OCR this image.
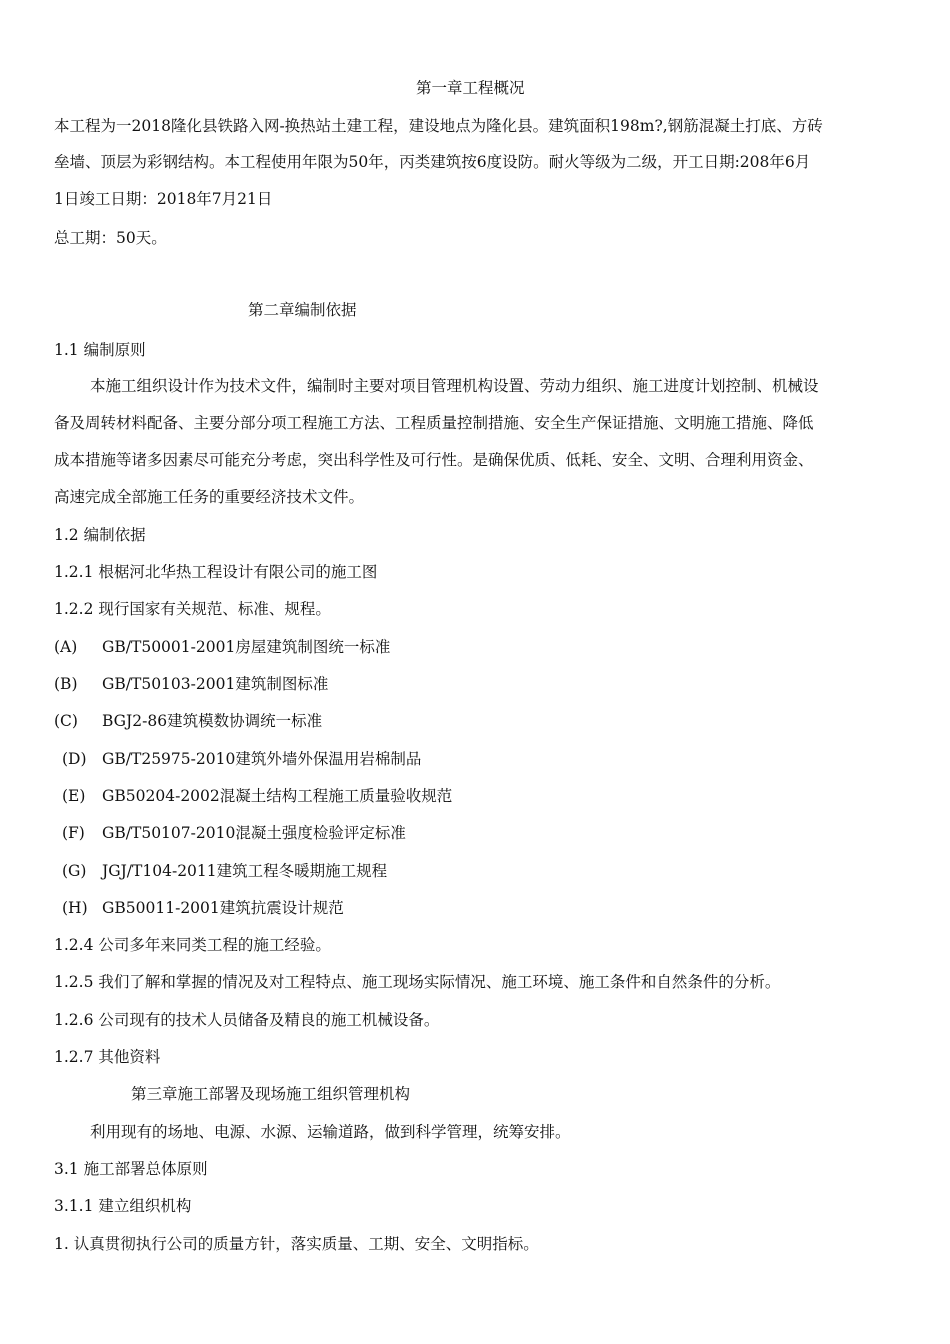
第一章工程概况
本工程为一2018隆化县铁路入网-换热站土建工程，建设地点为隆化县。建筑面积198m?,钢筋混凝土打底、方砖
垒墙、顶层为彩钢结构。本工程使用年限为50年，丙类建筑按6度设防。耐火等级为二级，开工日期:208年6月
1日竣工日期：2018年7月21日
总工期：50天。
第二章编制依据
1.1 编制原则
本施工组织设计作为技术文件，编制时主要对项目管理机构设置、劳动力组织、施工进度计划控制、机械设
备及周转材料配备、主要分部分项工程施工方法、工程质量控制措施、安全生产保证措施、文明施工措施、降低
成本措施等诸多因素尽可能充分考虑，突出科学性及可行性。是确保优质、低耗、安全、文明、合理利用资金、
高速完成全部施工任务的重要经济技术文件。
1.2 编制依据
1.2.1 根椐河北华热工程设计有限公司的施工图
1.2.2 现行国家有关规范、标准、规程。
(A) GB/T50001-2001房屋建筑制图统一标准
(B) GB/T50103-2001建筑制图标准
(C) BGJ2-86建筑模数协调统一标准
(D) GB/T25975-2010建筑外墙外保温用岩棉制品
(E) GB50204-2002混凝土结构工程施工质量验收规范
(F) GB/T50107-2010混凝土强度检验评定标准
(G) JGJ/T104-2011建筑工程冬暖期施工规程
(H) GB50011-2001建筑抗震设计规范
1.2.4 公司多年来同类工程的施工经验。
1.2.5 我们了解和掌握的情况及对工程特点、施工现场实际情况、施工环境、施工条件和自然条件的分析。
1.2.6 公司现有的技术人员储备及精良的施工机械设备。
1.2.7 其他资料
第三章施工部署及现场施工组织管理机构
利用现有的场地、电源、水源、运输道路，做到科学管理，统筹安排。
3.1 施工部署总体原则
3.1.1 建立组织机构
1. 认真贯彻执行公司的质量方针，落实质量、工期、安全、文明指标。
